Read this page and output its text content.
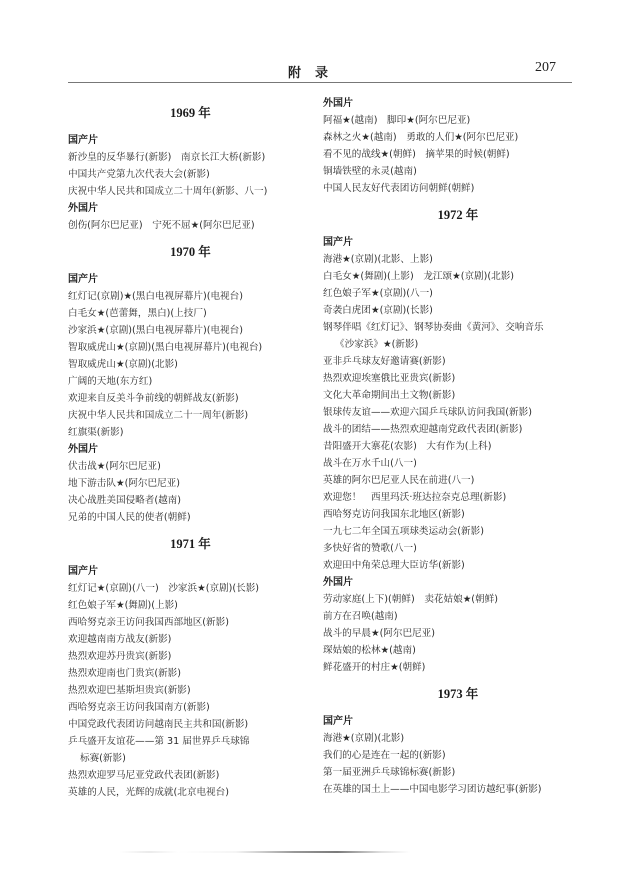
附录	207
1969 年
国产片
新沙皇的反华暴行(新影)　南京长江大桥(新影)
中国共产党第九次代表大会(新影)
庆祝中华人民共和国成立二十周年(新影、八一)
外国片
创伤(阿尔巴尼亚)　宁死不屈★(阿尔巴尼亚)
1970 年
国产片
红灯记(京剧)★(黑白电视屏幕片)(电视台)
白毛女★(芭蕾舞，黑白)(上技厂)
沙家浜★(京剧)(黑白电视屏幕片)(电视台)
智取威虎山★(京剧)(黑白电视屏幕片)(电视台)
智取威虎山★(京剧)(北影)
广阔的天地(东方红)
欢迎来自反美斗争前线的朝鲜战友(新影)
庆祝中华人民共和国成立二十一周年(新影)
红旗渠(新影)
外国片
伏击战★(阿尔巴尼亚)
地下游击队★(阿尔巴尼亚)
决心战胜美国侵略者(越南)
兄弟的中国人民的使者(朝鲜)
1971 年
国产片
红灯记★(京剧)(八一)　沙家浜★(京剧)(长影)
红色娘子军★(舞剧)(上影)
西哈努克亲王访问我国西部地区(新影)
欢迎越南南方战友(新影)
热烈欢迎苏丹贵宾(新影)
热烈欢迎南也门贵宾(新影)
热烈欢迎巴基斯坦贵宾(新影)
西哈努克亲王访问我国南方(新影)
中国党政代表团访问越南民主共和国(新影)
乒乓盛开友谊花——第 31 届世界乒乓球锦
标赛(新影)
热烈欢迎罗马尼亚党政代表团(新影)
英雄的人民，光辉的成就(北京电视台)
外国片
阿福★(越南)　脚印★(阿尔巴尼亚)
森林之火★(越南)　勇敢的人们★(阿尔巴尼亚)
看不见的战线★(朝鲜)　摘苹果的时候(朝鲜)
铜墙铁壁的永灵(越南)
中国人民友好代表团访问朝鲜(朝鲜)
1972 年
国产片
海港★(京剧)(北影、上影)
白毛女★(舞剧)(上影)　龙江颂★(京剧)(北影)
红色娘子军★(京剧)(八一)
奇袭白虎团★(京剧)(长影)
钢琴伴唱《红灯记》、钢琴协奏曲《黄河》、交响音乐
《沙家浜》★(新影)
亚非乒乓球友好邀请赛(新影)
热烈欢迎埃塞俄比亚贵宾(新影)
文化大革命期间出土文物(新影)
银球传友谊——欢迎六国乒乓球队访问我国(新影)
战斗的团结——热烈欢迎越南党政代表团(新影)
昔阳盛开大寨花(农影)　大有作为(上科)
战斗在万水千山(八一)
英雄的阿尔巴尼亚人民在前进(八一)
欢迎您！　西里玛沃·班达拉奈克总理(新影)
西哈努克访问我国东北地区(新影)
一九七二年全国五项球类运动会(新影)
多快好省的赞歌(八一)
欢迎田中角荣总理大臣访华(新影)
外国片
劳动家庭(上下)(朝鲜)　卖花姑娘★(朝鲜)
前方在召唤(越南)
战斗的早晨★(阿尔巴尼亚)
琛姑娘的松林★(越南)
鲜花盛开的村庄★(朝鲜)
1973 年
国产片
海港★(京剧)(北影)
我们的心是连在一起的(新影)
第一届亚洲乒乓球锦标赛(新影)
在英雄的国土上——中国电影学习团访越纪事(新影)
